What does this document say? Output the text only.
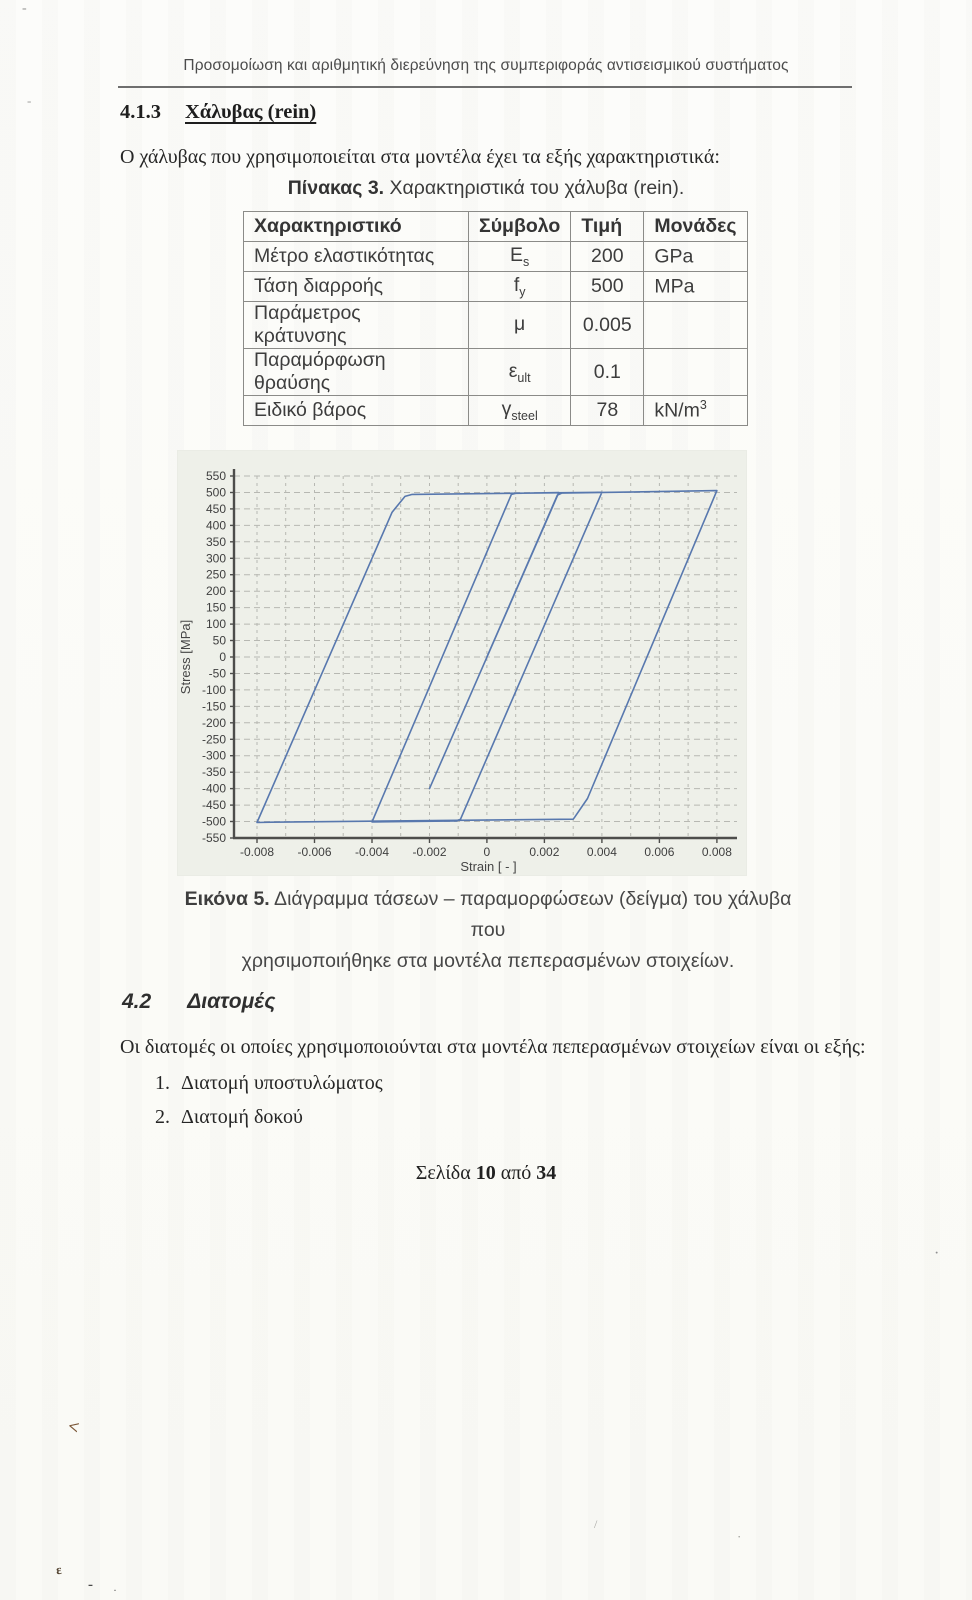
Προσομοίωση και αριθμητική διερεύνηση της συμπεριφοράς αντισεισμικού συστήματος
4.1.3 Χάλυβας (rein)
Ο χάλυβας που χρησιμοποιείται στα μοντέλα έχει τα εξής χαρακτηριστικά:
Πίνακας 3. Χαρακτηριστικά του χάλυβα (rein).
Χαρακτηριστικό	Σύμβολο	Τιμή	Μονάδες
Μέτρο ελαστικότητας	$E_s$	200	GPa
Τάση διαρροής	$f_y$	500	MPa
Παράμετρος κράτυνσης	μ	0.005	
Παραμόρφωση θραύσης	$\varepsilon_{ult}$	0.1	
Ειδικό βάρος	$\gamma_{steel}$	78	$kN/m^3$
550
500
450
400
350
300
250
200
150
100
50
0
-50
-100
-150
-200
-250
-300
-350
-400
-450
-500
-550
-0.008 -0.006 -0.004 -0.002	0	0.002 0.004 0.006 0.008
Stress [MPa]
Strain [ - ]
Εικόνα 5. Διάγραμμα τάσεων – παραμορφώσεων (δείγμα) του χάλυβα που
χρησιμοποιήθηκε στα μοντέλα πεπερασμένων στοιχείων.
4.2 Διατομές
Οι διατομές οι οποίες χρησιμοποιούνται στα μοντέλα πεπερασμένων στοιχείων είναι οι εξής:
1. Διατομή υποστυλώματος
2. Διατομή δοκού
Σελίδα 10 από 34
-
-
·
<
/
·
ε
- ·
